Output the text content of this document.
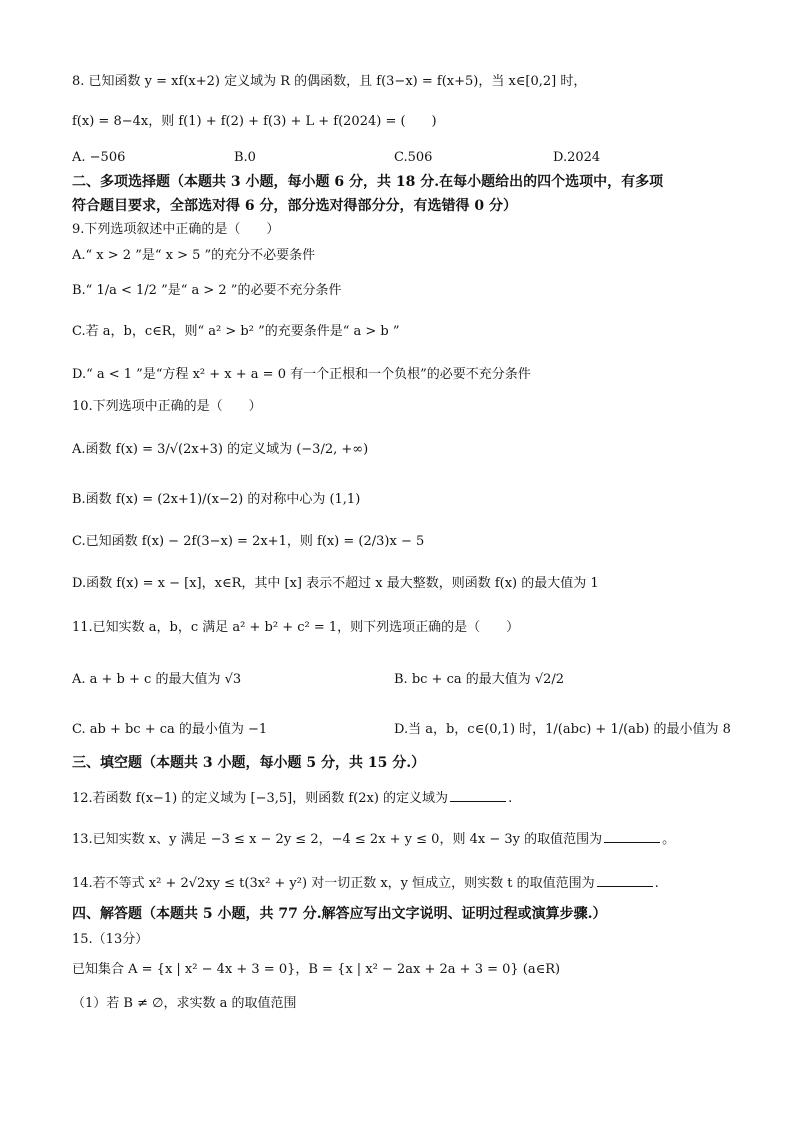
8. 已知函数 y = xf(x+2) 定义域为 R 的偶函数，且 f(3−x) = f(x+5)，当 x∈[0,2] 时，
f(x) = 8−4x，则 f(1) + f(2) + f(3) + L + f(2024) = (　　)
A. −506	B.0	C.506	D.2024
二、多项选择题（本题共 3 小题，每小题 6 分，共 18 分.在每小题给出的四个选项中，有多项
符合题目要求，全部选对得 6 分，部分选对得部分分，有选错得 0 分）
9.下列选项叙述中正确的是（　　）
A.“ x > 2 ”是“ x > 5 ”的充分不必要条件
B.“ 1/a < 1/2 ”是“ a > 2 ”的必要不充分条件
C.若 a，b，c∈R，则“ a² > b² ”的充要条件是“ a > b ”
D.“ a < 1 ”是“方程 x² + x + a = 0 有一个正根和一个负根”的必要不充分条件
10.下列选项中正确的是（　　）
A.函数 f(x) = 3/√(2x+3) 的定义域为 (−3/2, +∞)
B.函数 f(x) = (2x+1)/(x−2) 的对称中心为 (1,1)
C.已知函数 f(x) − 2f(3−x) = 2x+1，则 f(x) = (2/3)x − 5
D.函数 f(x) = x − [x]，x∈R，其中 [x] 表示不超过 x 最大整数，则函数 f(x) 的最大值为 1
11.已知实数 a，b，c 满足 a² + b² + c² = 1，则下列选项正确的是（　　）
A. a + b + c 的最大值为 √3	B. bc + ca 的最大值为 √2/2
C. ab + bc + ca 的最小值为 −1	D.当 a，b，c∈(0,1) 时，1/(abc) + 1/(ab) 的最小值为 8
三、填空题（本题共 3 小题，每小题 5 分，共 15 分.）
12.若函数 f(x−1) 的定义域为 [−3,5]，则函数 f(2x) 的定义域为	.
13.已知实数 x、y 满足 −3 ≤ x − 2y ≤ 2，−4 ≤ 2x + y ≤ 0，则 4x − 3y 的取值范围为	。
14.若不等式 x² + 2√2xy ≤ t(3x² + y²) 对一切正数 x，y 恒成立，则实数 t 的取值范围为	.
四、解答题（本题共 5 小题，共 77 分.解答应写出文字说明、证明过程或演算步骤.）
15.（13分）
已知集合 A = {x | x² − 4x + 3 = 0}，B = {x | x² − 2ax + 2a + 3 = 0} (a∈R)
（1）若 B ≠ ∅，求实数 a 的取值范围
